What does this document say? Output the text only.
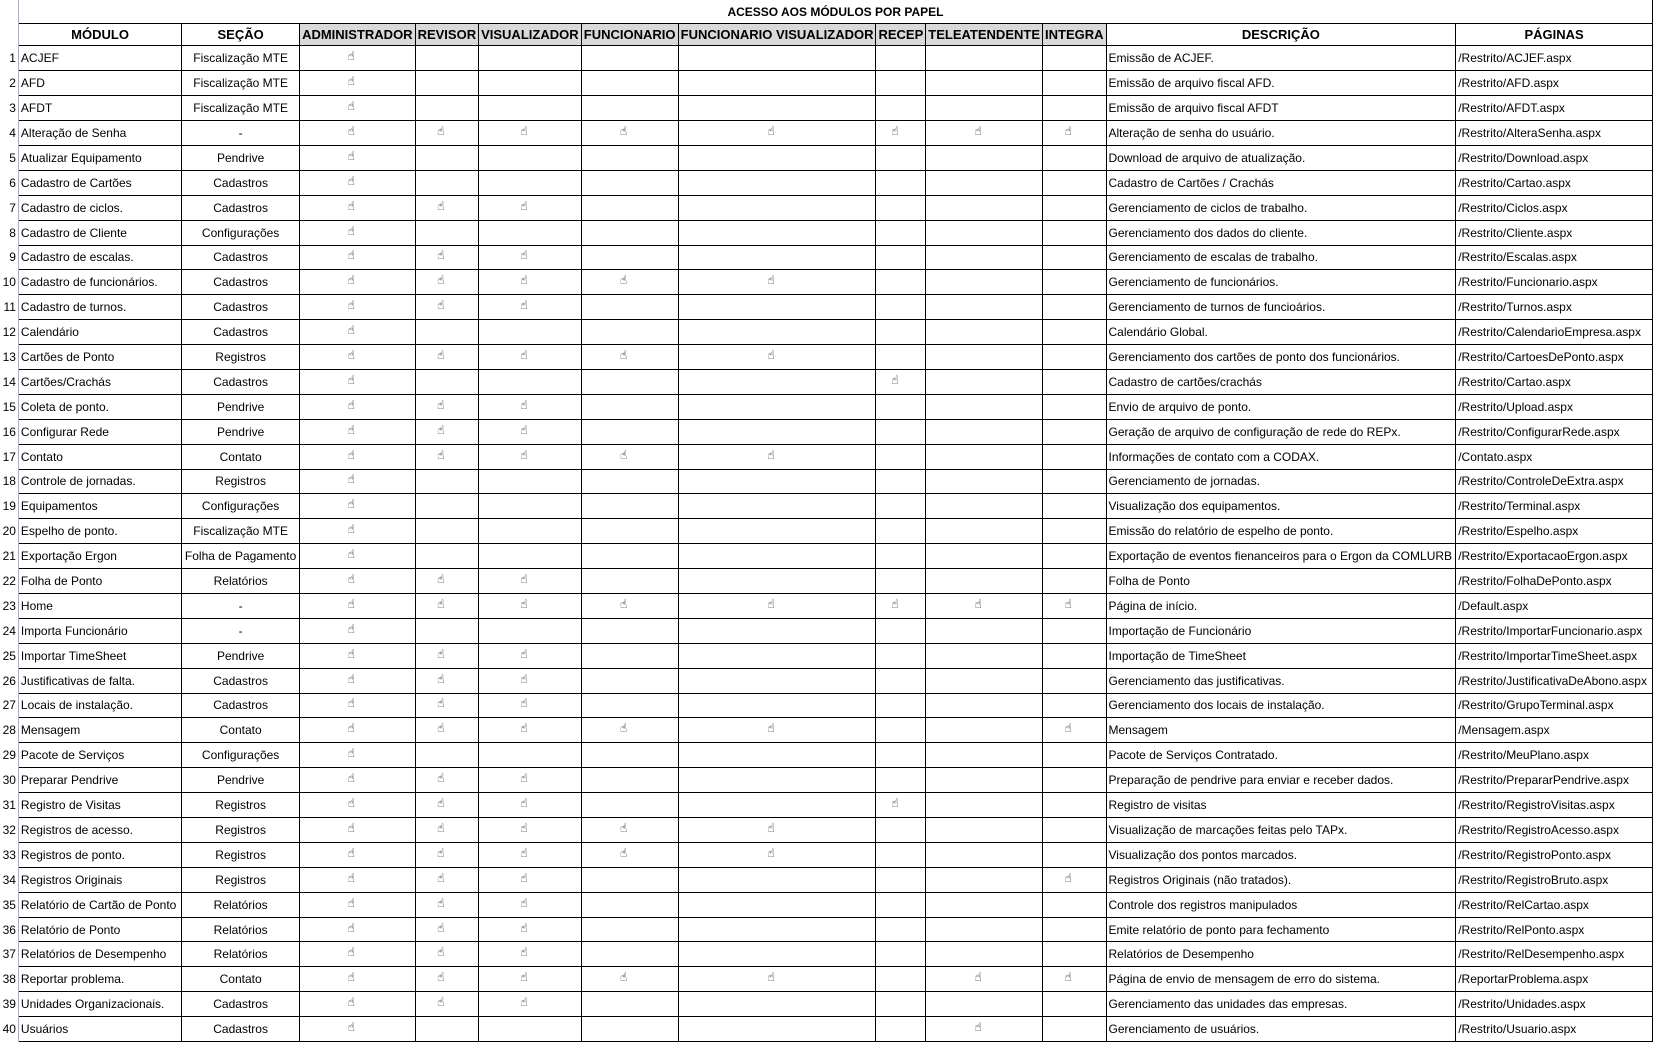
	ACESSO AOS MÓDULOS POR PAPEL											
	MÓDULO	SEÇÃO	ADMINISTRADOR	REVISOR	VISUALIZADOR	FUNCIONARIO	FUNCIONARIO VISUALIZADOR	RECEP	TELEATENDENTE	INTEGRA	DESCRIÇÃO	PÁGINAS
1	ACJEF	Fiscalização MTE	☝								Emissão de ACJEF.	/Restrito/ACJEF.aspx
2	AFD	Fiscalização MTE	☝								Emissão de arquivo fiscal AFD.	/Restrito/AFD.aspx
3	AFDT	Fiscalização MTE	☝								Emissão de arquivo fiscal AFDT	/Restrito/AFDT.aspx
4	Alteração de Senha	-	☝	☝	☝	☝	☝	☝	☝	☝	Alteração de senha do usuário.	/Restrito/AlteraSenha.aspx
5	Atualizar Equipamento	Pendrive	☝								Download de arquivo de atualização.	/Restrito/Download.aspx
6	Cadastro de Cartões	Cadastros	☝								Cadastro de Cartões / Crachás	/Restrito/Cartao.aspx
7	Cadastro de ciclos.	Cadastros	☝	☝	☝						Gerenciamento de ciclos de trabalho.	/Restrito/Ciclos.aspx
8	Cadastro de Cliente	Configurações	☝								Gerenciamento dos dados do cliente.	/Restrito/Cliente.aspx
9	Cadastro de escalas.	Cadastros	☝	☝	☝						Gerenciamento de escalas de trabalho.	/Restrito/Escalas.aspx
10	Cadastro de funcionários.	Cadastros	☝	☝	☝	☝	☝				Gerenciamento de funcionários.	/Restrito/Funcionario.aspx
11	Cadastro de turnos.	Cadastros	☝	☝	☝						Gerenciamento de turnos de funcioários.	/Restrito/Turnos.aspx
12	Calendário	Cadastros	☝								Calendário Global.	/Restrito/CalendarioEmpresa.aspx
13	Cartões de Ponto	Registros	☝	☝	☝	☝	☝				Gerenciamento dos cartões de ponto dos funcionários.	/Restrito/CartoesDePonto.aspx
14	Cartões/Crachás	Cadastros	☝					☝			Cadastro de cartões/crachás	/Restrito/Cartao.aspx
15	Coleta de ponto.	Pendrive	☝	☝	☝						Envio de arquivo de ponto.	/Restrito/Upload.aspx
16	Configurar Rede	Pendrive	☝	☝	☝						Geração de arquivo de configuração de rede do REPx.	/Restrito/ConfigurarRede.aspx
17	Contato	Contato	☝	☝	☝	☝	☝				Informações de contato com a CODAX.	/Contato.aspx
18	Controle de jornadas.	Registros	☝								Gerenciamento de jornadas.	/Restrito/ControleDeExtra.aspx
19	Equipamentos	Configurações	☝								Visualização dos equipamentos.	/Restrito/Terminal.aspx
20	Espelho de ponto.	Fiscalização MTE	☝								Emissão do relatório de espelho de ponto.	/Restrito/Espelho.aspx
21	Exportação Ergon	Folha de Pagamento	☝								Exportação de eventos fienanceiros para o Ergon da COMLURB	/Restrito/ExportacaoErgon.aspx
22	Folha de Ponto	Relatórios	☝	☝	☝						Folha de Ponto	/Restrito/FolhaDePonto.aspx
23	Home	-	☝	☝	☝	☝	☝	☝	☝	☝	Página de início.	/Default.aspx
24	Importa Funcionário	-	☝								Importação de Funcionário	/Restrito/ImportarFuncionario.aspx
25	Importar TimeSheet	Pendrive	☝	☝	☝						Importação de TimeSheet	/Restrito/ImportarTimeSheet.aspx
26	Justificativas de falta.	Cadastros	☝	☝	☝						Gerenciamento das justificativas.	/Restrito/JustificativaDeAbono.aspx
27	Locais de instalação.	Cadastros	☝	☝	☝						Gerenciamento dos locais de instalação.	/Restrito/GrupoTerminal.aspx
28	Mensagem	Contato	☝	☝	☝	☝	☝			☝	Mensagem	/Mensagem.aspx
29	Pacote de Serviços	Configurações	☝								Pacote de Serviços Contratado.	/Restrito/MeuPlano.aspx
30	Preparar Pendrive	Pendrive	☝	☝	☝						Preparação de pendrive para enviar e receber dados.	/Restrito/PrepararPendrive.aspx
31	Registro de Visitas	Registros	☝	☝	☝			☝			Registro de visitas	/Restrito/RegistroVisitas.aspx
32	Registros de acesso.	Registros	☝	☝	☝	☝	☝				Visualização de marcações feitas pelo TAPx.	/Restrito/RegistroAcesso.aspx
33	Registros de ponto.	Registros	☝	☝	☝	☝	☝				Visualização dos pontos marcados.	/Restrito/RegistroPonto.aspx
34	Registros Originais	Registros	☝	☝	☝					☝	Registros Originais (não tratados).	/Restrito/RegistroBruto.aspx
35	Relatório de Cartão de Ponto	Relatórios	☝	☝	☝						Controle dos registros manipulados	/Restrito/RelCartao.aspx
36	Relatório de Ponto	Relatórios	☝	☝	☝						Emite relatório de ponto para fechamento	/Restrito/RelPonto.aspx
37	Relatórios de Desempenho	Relatórios	☝	☝	☝						Relatórios de Desempenho	/Restrito/RelDesempenho.aspx
38	Reportar problema.	Contato	☝	☝	☝	☝	☝		☝	☝	Página de envio de mensagem de erro do sistema.	/ReportarProblema.aspx
39	Unidades Organizacionais.	Cadastros	☝	☝	☝						Gerenciamento das unidades das empresas.	/Restrito/Unidades.aspx
40	Usuários	Cadastros	☝						☝		Gerenciamento de usuários.	/Restrito/Usuario.aspx
